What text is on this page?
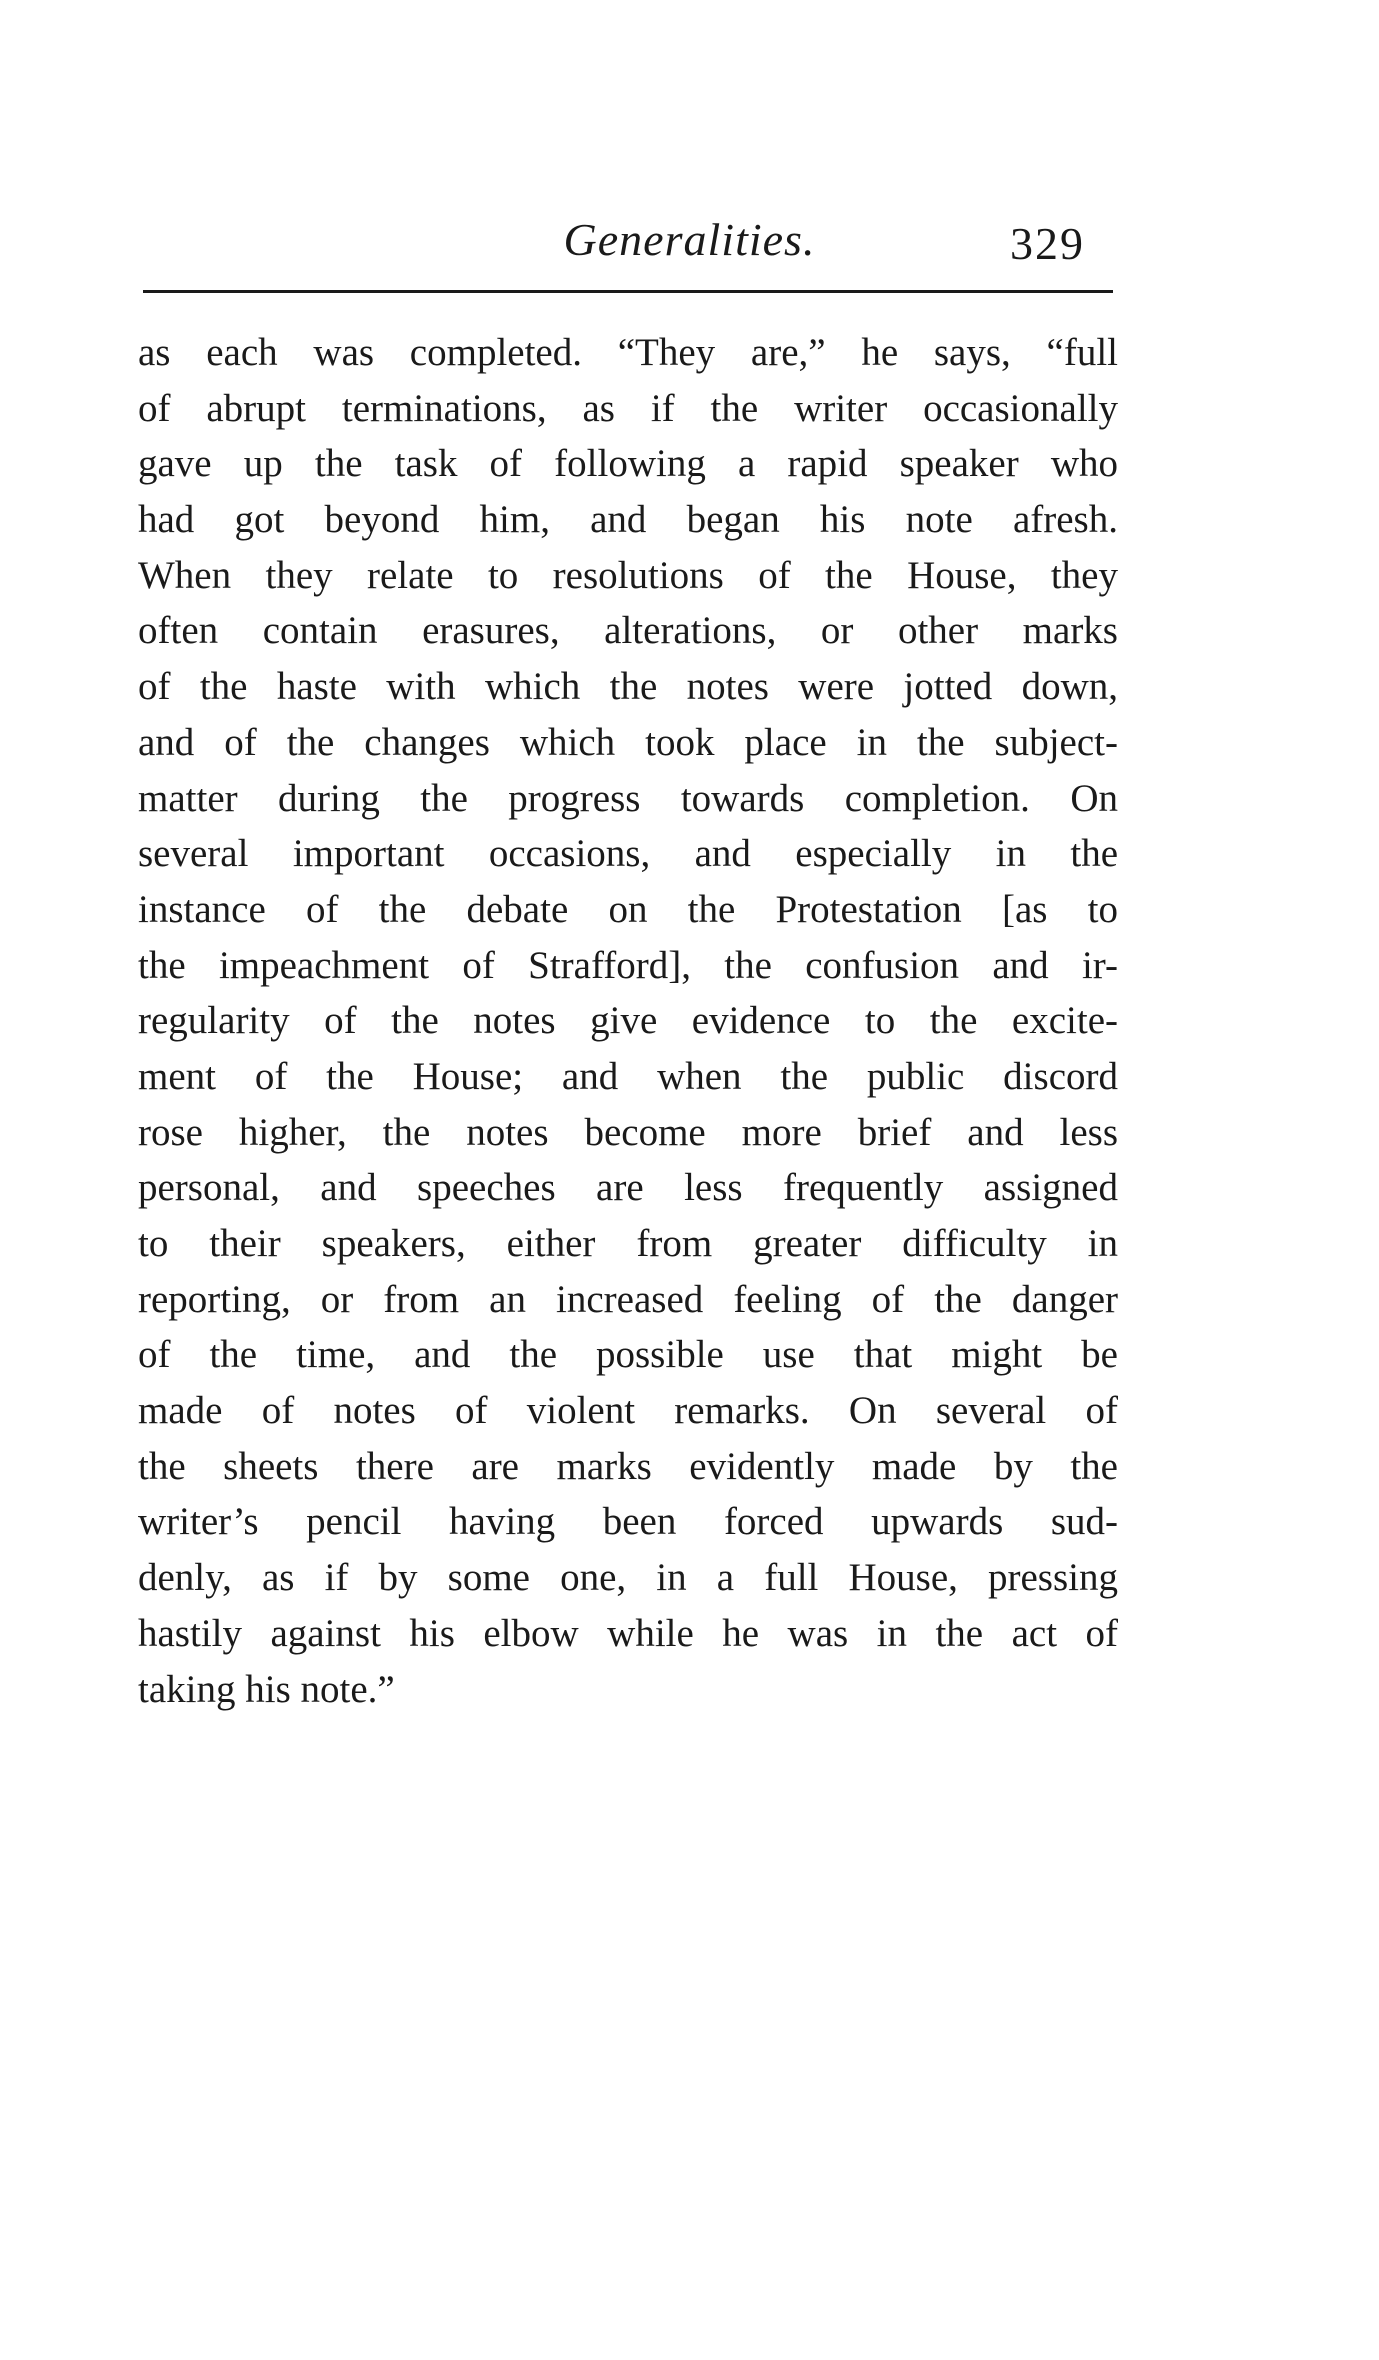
Generalities.	329
as each was completed. “They are,” he says, “full
of abrupt terminations, as if the writer occasionally
gave up the task of following a rapid speaker who
had got beyond him, and began his note afresh.
When they relate to resolutions of the House, they
often contain erasures, alterations, or other marks
of the haste with which the notes were jotted down,
and of the changes which took place in the subject-
matter during the progress towards completion. On
several important occasions, and especially in the
instance of the debate on the Protestation [as to
the impeachment of Strafford], the confusion and ir-
regularity of the notes give evidence to the excite-
ment of the House; and when the public discord
rose higher, the notes become more brief and less
personal, and speeches are less frequently assigned
to their speakers, either from greater difficulty in
reporting, or from an increased feeling of the danger
of the time, and the possible use that might be
made of notes of violent remarks. On several of
the sheets there are marks evidently made by the
writer’s pencil having been forced upwards sud-
denly, as if by some one, in a full House, pressing
hastily against his elbow while he was in the act of
taking his note.”
